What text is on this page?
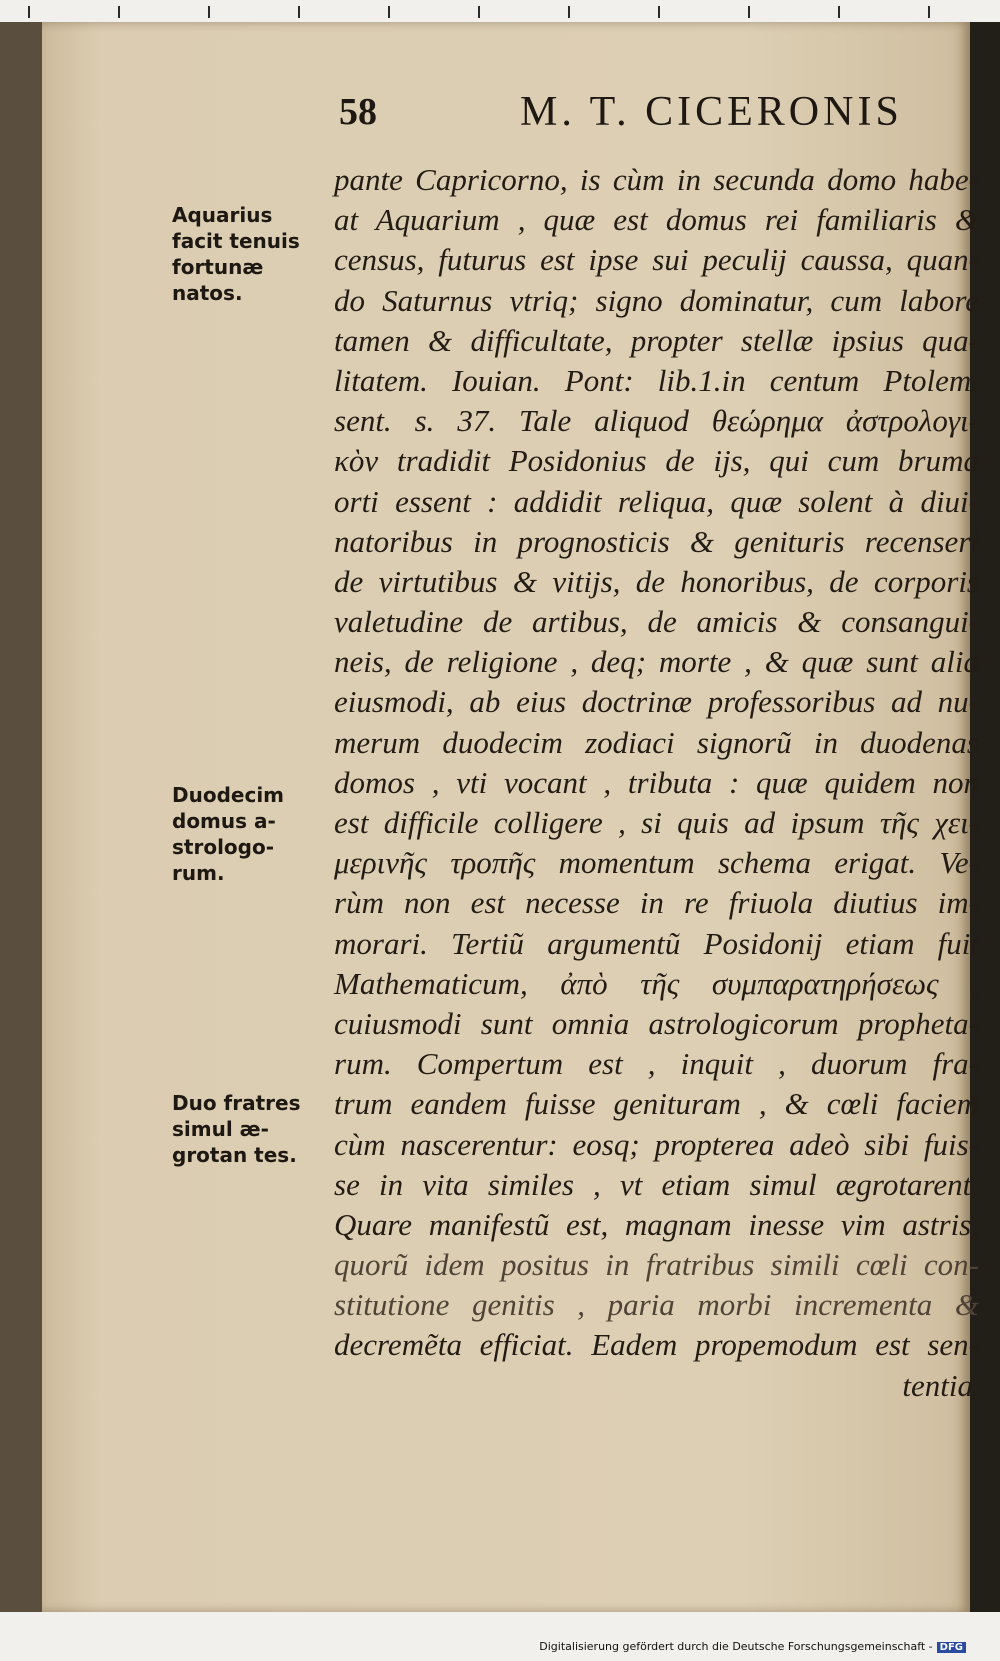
58	M. T. CICERONIS
Aquarius
facit tenuis
fortunæ
natos.
Duodecim
domus a-
strologo-
rum.
Duo fratres
simul æ-
grotan tes.
pante Capricorno, is cùm in secunda domo habe-
at Aquarium , quæ est domus rei familiaris &
census, futurus est ipse sui peculij caussa, quan-
do Saturnus vtriq; signo dominatur, cum labore
tamen & difficultate, propter stellæ ipsius qua-
litatem. Iouian. Pont: lib.1.in centum Ptolem.
sent. s. 37. Tale aliquod θεώρημα ἀστρολογι-
κὸν tradidit Posidonius de ijs, qui cum bruma
orti essent : addidit reliqua, quæ solent à diui-
natoribus in prognosticis & genituris recenseri
de virtutibus & vitijs, de honoribus, de corporis
valetudine de artibus, de amicis & consangui-
neis, de religione , deq; morte , & quæ sunt alia
eiusmodi, ab eius doctrinæ professoribus ad nu-
merum duodecim zodiaci signorũ in duodenas
domos , vti vocant , tributa : quæ quidem non
est difficile colligere , si quis ad ipsum τῆς χει-
μερινῆς τροπῆς momentum schema erigat. Ve-
rùm non est necesse in re friuola diutius im-
morari. Tertiũ argumentũ Posidonij etiam fuit
Mathematicum, ἀπὸ τῆς συμπαρατηρήσεως ,
cuiusmodi sunt omnia astrologicorum propheta-
rum. Compertum est , inquit , duorum fra-
trum eandem fuisse genituram , & cœli faciem
cùm nascerentur: eosq; propterea adeò sibi fuis-
se in vita similes , vt etiam simul ægrotarent.
Quare manifestũ est, magnam inesse vim astris,
quorũ idem positus in fratribus simili cœli con-
stitutione genitis , paria morbi incrementa &
decremẽta efficiat. Eadem propemodum est sen-
tentia
Digitalisierung gefördert durch die Deutsche Forschungsgemeinschaft - DFG
